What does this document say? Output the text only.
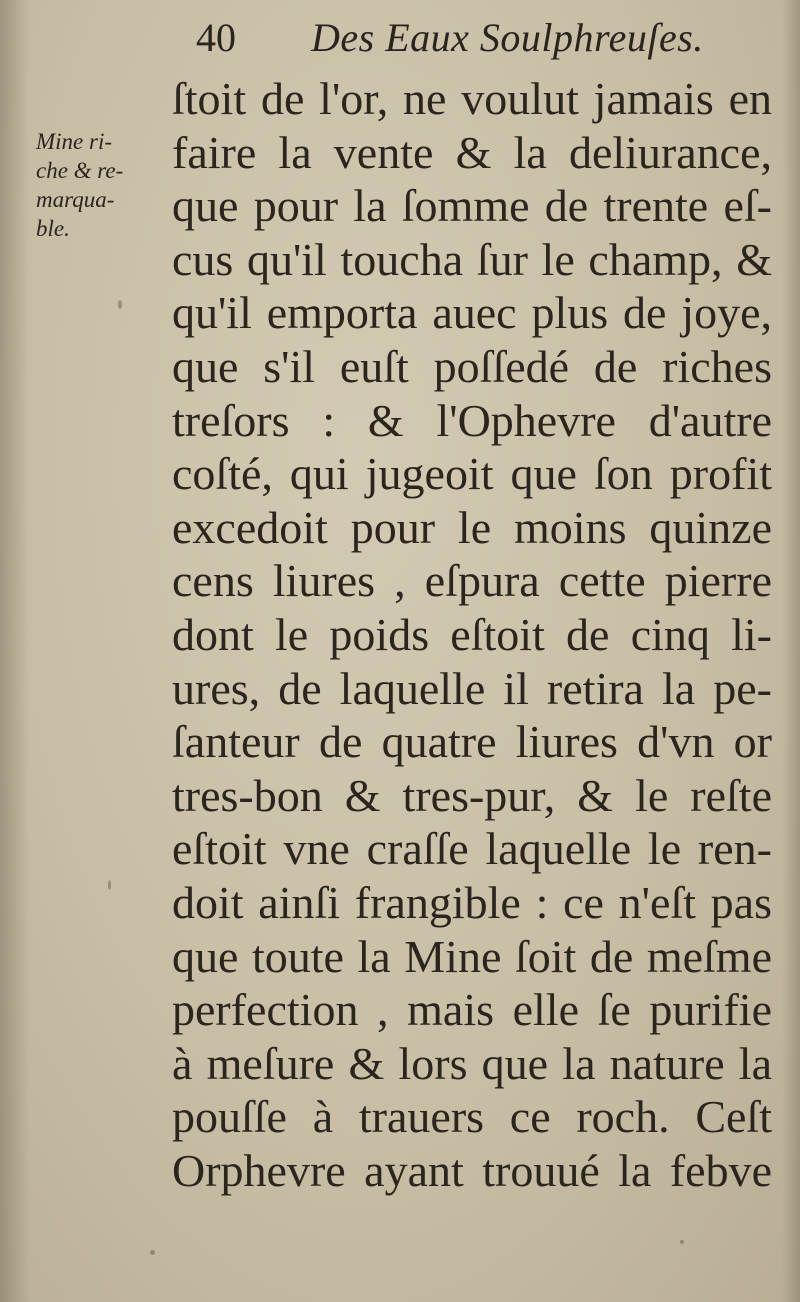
40 Des Eaux Soulphreuſes.
Mine ri-
che & re-
marqua-
ble.
ſtoit de l'or, ne voulut jamais en
faire la vente & la deliurance,
que pour la ſomme de trente eſ-
cus qu'il toucha ſur le champ, &
qu'il emporta auec plus de joye,
que s'il euſt poſſedé de riches
treſors : & l'Ophevre d'autre
coſté, qui jugeoit que ſon profit
excedoit pour le moins quinze
cens liures , eſpura cette pierre
dont le poids eſtoit de cinq li-
ures, de laquelle il retira la pe-
ſanteur de quatre liures d'vn or
tres-bon & tres-pur, & le reſte
eſtoit vne craſſe laquelle le ren-
doit ainſi frangible : ce n'eſt pas
que toute la Mine ſoit de meſme
perfection , mais elle ſe purifie
à meſure & lors que la nature la
pouſſe à trauers ce roch. Ceſt
Orphevre ayant trouué la febve
